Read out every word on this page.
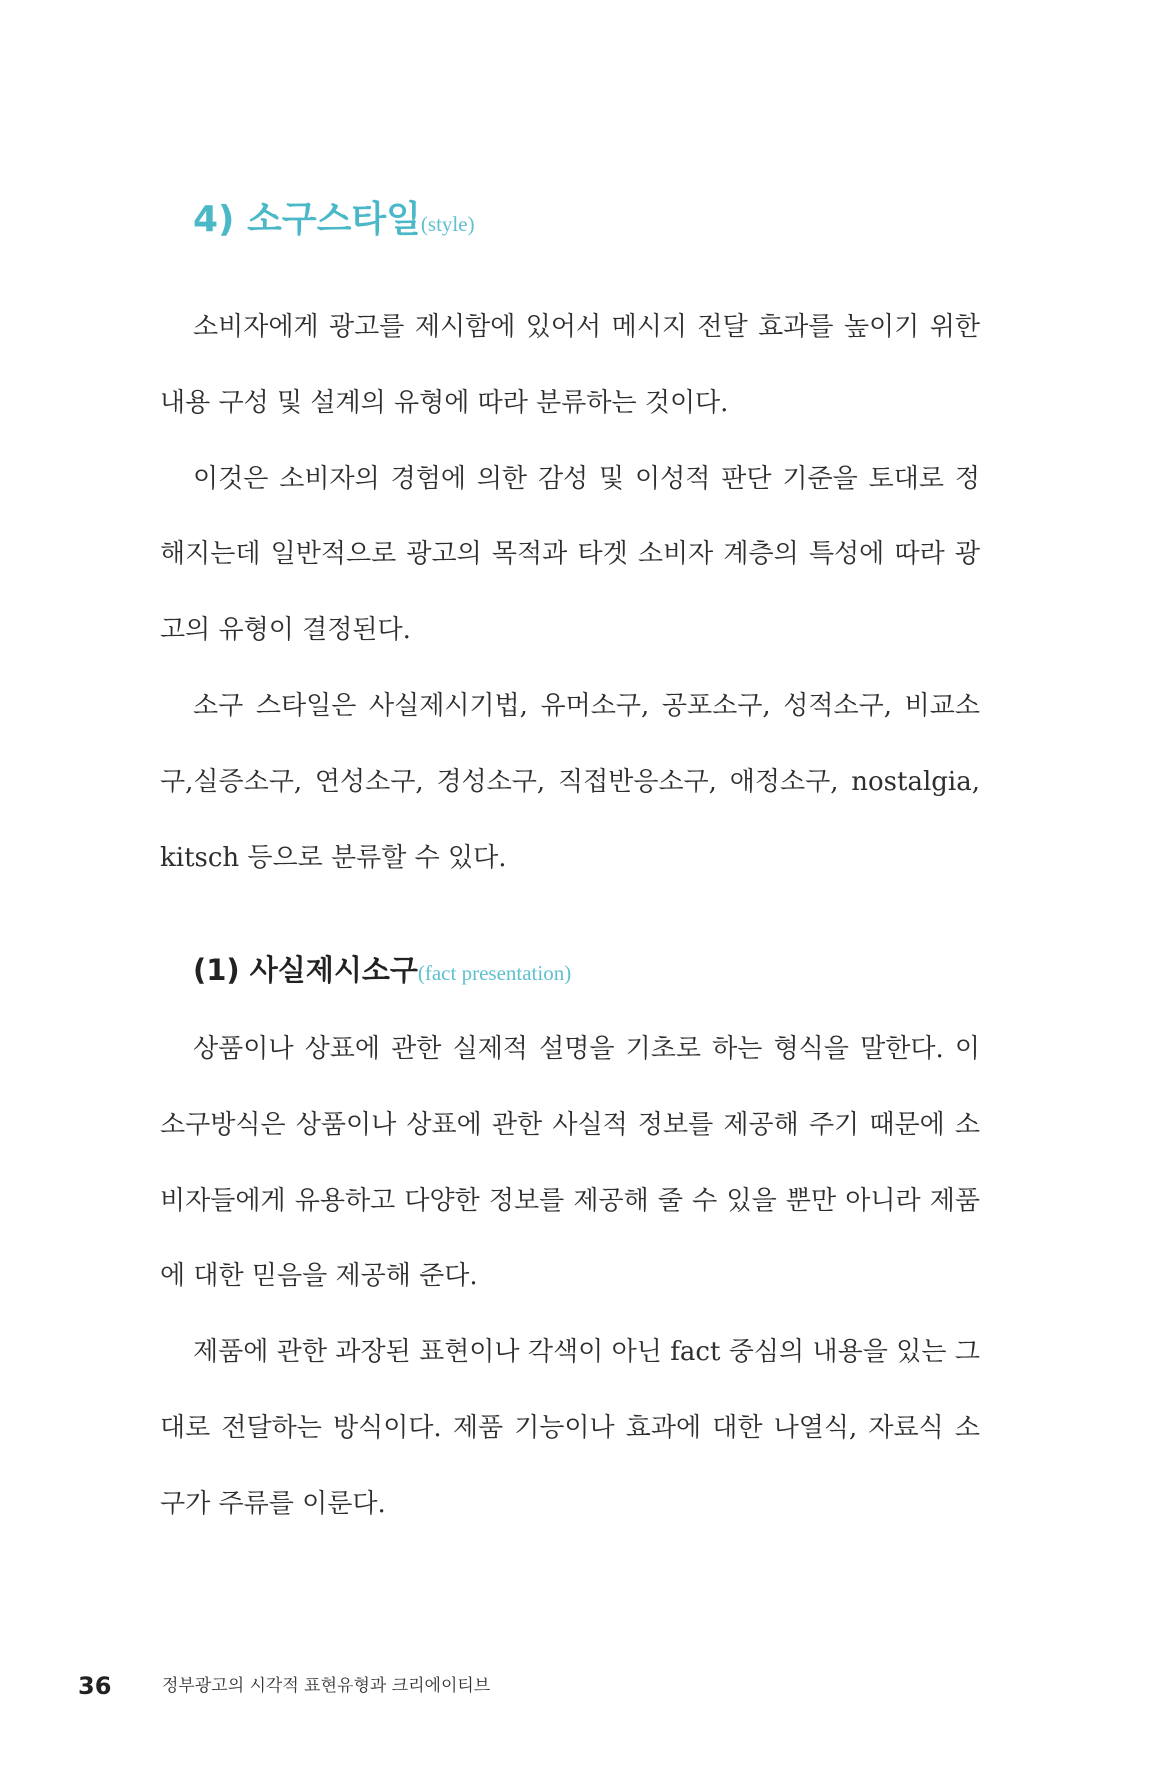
4) 소구스타일(style)

소비자에게 광고를 제시함에 있어서 메시지 전달 효과를 높이기 위한

내용 구성 및 설계의 유형에 따라 분류하는 것이다.

이것은 소비자의 경험에 의한 감성 및 이성적 판단 기준을 토대로 정

해지는데 일반적으로 광고의 목적과 타겟 소비자 계층의 특성에 따라 광

고의 유형이 결정된다.

소구 스타일은 사실제시기법, 유머소구, 공포소구, 성적소구, 비교소

구,실증소구, 연성소구, 경성소구, 직접반응소구, 애정소구, nostalgia,

kitsch 등으로 분류할 수 있다.

(1) 사실제시소구(fact presentation)

상품이나 상표에 관한 실제적 설명을 기초로 하는 형식을 말한다. 이

소구방식은 상품이나 상표에 관한 사실적 정보를 제공해 주기 때문에 소

비자들에게 유용하고 다양한 정보를 제공해 줄 수 있을 뿐만 아니라 제품

에 대한 믿음을 제공해 준다.

제품에 관한 과장된 표현이나 각색이 아닌 fact 중심의 내용을 있는 그

대로 전달하는 방식이다. 제품 기능이나 효과에 대한 나열식, 자료식 소

구가 주류를 이룬다.

36	정부광고의 시각적 표현유형과 크리에이티브
